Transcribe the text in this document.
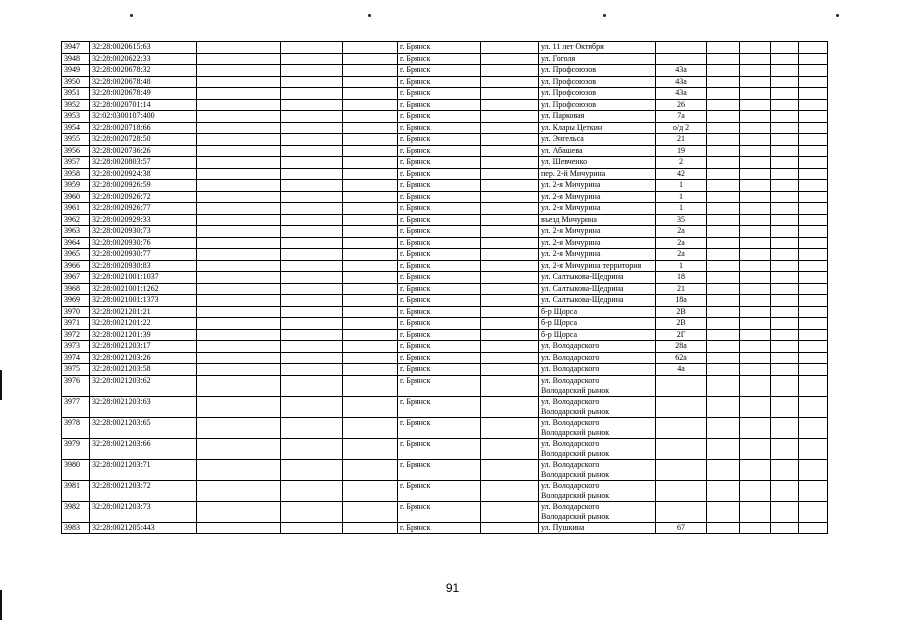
3947	32:28:0020615:63				г. Брянск		ул. 11 лет Октября					
3948	32:28:0020622:33				г. Брянск		ул. Гоголя					
3949	32:28:0020678:32				г. Брянск		ул. Профсоюзов	43а				
3950	32:28:0020678:48				г. Брянск		ул. Профсоюзов	43а				
3951	32:28:0020678:49				г. Брянск		ул. Профсоюзов	43а				
3952	32:28:0020701:14				г. Брянск		ул. Профсоюзов	26				
3953	32:02:0300107:400				г. Брянск		ул. Парковая	7а				
3954	32:28:0020718:66				г. Брянск		ул. Клары Цеткин	о/д 2				
3955	32:28:0020728:50				г. Брянск		ул. Энгельса	21				
3956	32:28:0020736:26				г. Брянск		ул. Абашева	19				
3957	32:28:0020803:57				г. Брянск		ул. Шевченко	2				
3958	32:28:0020924:38				г. Брянск		пер. 2-й Мичурина	42				
3959	32:28:0020926:59				г. Брянск		ул. 2-я Мичурина	1				
3960	32:28:0020926:72				г. Брянск		ул. 2-я Мичурина	1				
3961	32:28:0020926:77				г. Брянск		ул. 2-я Мичурина	1				
3962	32:28:0020929:33				г. Брянск		въезд Мичурина	35				
3963	32:28:0020930:73				г. Брянск		ул. 2-я Мичурина	2а				
3964	32:28:0020930:76				г. Брянск		ул. 2-я Мичурина	2а				
3965	32:28:0020930:77				г. Брянск		ул. 2-я Мичурина	2а				
3966	32:28:0020930:83				г. Брянск		ул. 2-я Мичурина территория	1				
3967	32:28:0021001:1037				г. Брянск		ул. Салтыкова-Щедрина	18				
3968	32:28:0021001:1262				г. Брянск		ул. Салтыкова-Щедрина	21				
3969	32:28:0021001:1373				г. Брянск		ул. Салтыкова-Щедрина	18а				
3970	32:28:0021201:21				г. Брянск		б-р Щорса	2В				
3971	32:28:0021201:22				г. Брянск		б-р Щорса	2В				
3972	32:28:0021201:39				г. Брянск		б-р Щорса	2Г				
3973	32:28:0021203:17				г. Брянск		ул. Володарского	28а				
3974	32:28:0021203:26				г. Брянск		ул. Володарского	62а				
3975	32:28:0021203:58				г. Брянск		ул. Володарского	4а				
3976	32:28:0021203:62				г. Брянск		ул. Володарского
Володарский рынок					
3977	32:28:0021203:63				г. Брянск		ул. Володарского
Володарский рынок					
3978	32:28:0021203:65				г. Брянск		ул. Володарского
Володарский рынок					
3979	32:28:0021203:66				г. Брянск		ул. Володарского
Володарский рынок					
3980	32:28:0021203:71				г. Брянск		ул. Володарского
Володарский рынок					
3981	32:28:0021203:72				г. Брянск		ул. Володарского
Володарский рынок					
3982	32:28:0021203:73				г. Брянск		ул. Володарского
Володарский рынок					
3983	32:28:0021205:443				г. Брянск		ул. Пушкина	67				
91
